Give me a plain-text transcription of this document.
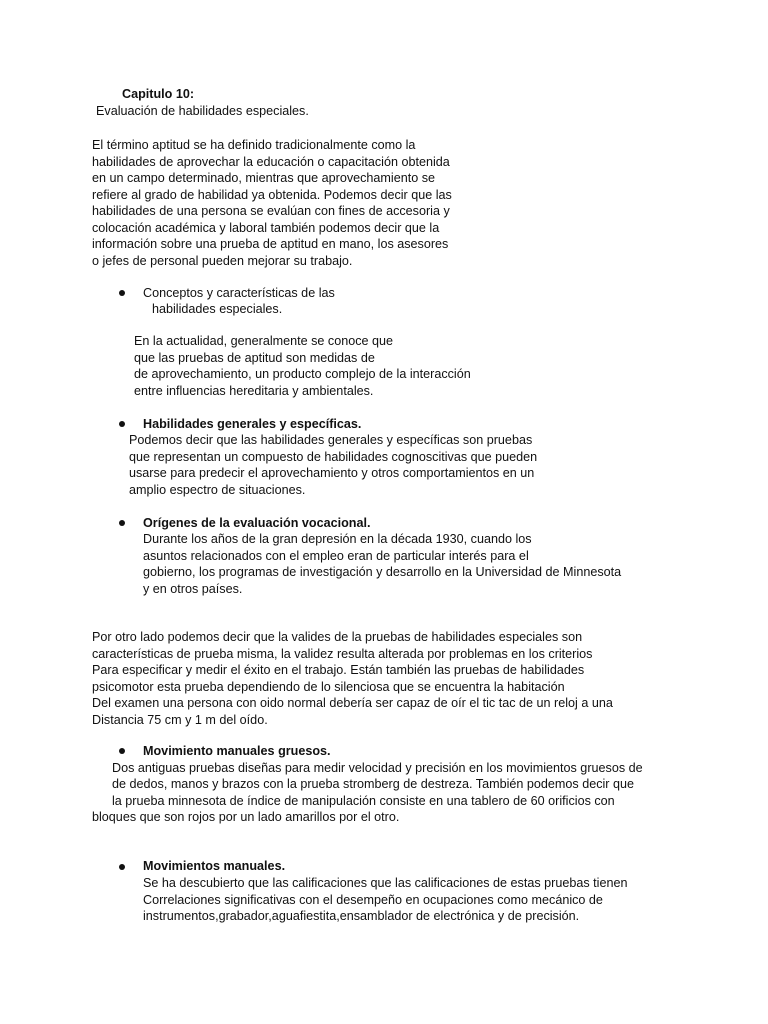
Capitulo 10:
Evaluación de habilidades especiales.
El término aptitud se ha definido tradicionalmente como la
habilidades de aprovechar la educación o capacitación obtenida
en un campo determinado, mientras que aprovechamiento se
refiere al grado de habilidad ya obtenida. Podemos decir que las
habilidades de una persona se evalúan con fines de accesoria y
colocación académica y laboral también podemos decir que la
información sobre una prueba de aptitud en mano, los asesores
o jefes de personal pueden mejorar su trabajo.
Conceptos y características de las
habilidades especiales.
En la actualidad, generalmente se conoce que
que las pruebas de aptitud son medidas de
de aprovechamiento, un producto complejo de la interacción
entre influencias hereditaria y ambientales.
Habilidades generales y específicas.
Podemos decir que las habilidades generales y específicas son pruebas
que representan un compuesto de habilidades cognoscitivas que pueden
usarse para predecir el aprovechamiento y otros comportamientos en un
amplio espectro de situaciones.
Orígenes de la evaluación vocacional.
Durante los años de la gran depresión en la década 1930, cuando los
asuntos relacionados con el empleo eran de particular interés para el
gobierno, los programas de investigación y desarrollo en la Universidad de Minnesota
y en otros países.
Por otro lado podemos decir que la valides de la pruebas de habilidades especiales son
características de prueba misma, la validez resulta alterada por problemas en los criterios
Para especificar y medir el éxito en el trabajo. Están también las pruebas de habilidades
psicomotor esta prueba dependiendo de lo silenciosa que se encuentra la habitación
Del examen una persona con oido normal debería ser capaz de oír el tic tac de un reloj a una
Distancia 75 cm y 1 m del oído.
Movimiento manuales gruesos.
Dos antiguas pruebas diseñas para medir velocidad y precisión en los movimientos gruesos de
de dedos, manos y brazos con la prueba stromberg de destreza. También podemos decir que
la prueba minnesota de índice de manipulación consiste en una tablero de 60 orificios con
bloques que son rojos por un lado amarillos por el otro.
Movimientos manuales.
Se ha descubierto que las calificaciones que las calificaciones de estas pruebas tienen
Correlaciones significativas con el desempeño en ocupaciones como mecánico de
instrumentos,grabador,aguafiestita,ensamblador de electrónica y de precisión.
